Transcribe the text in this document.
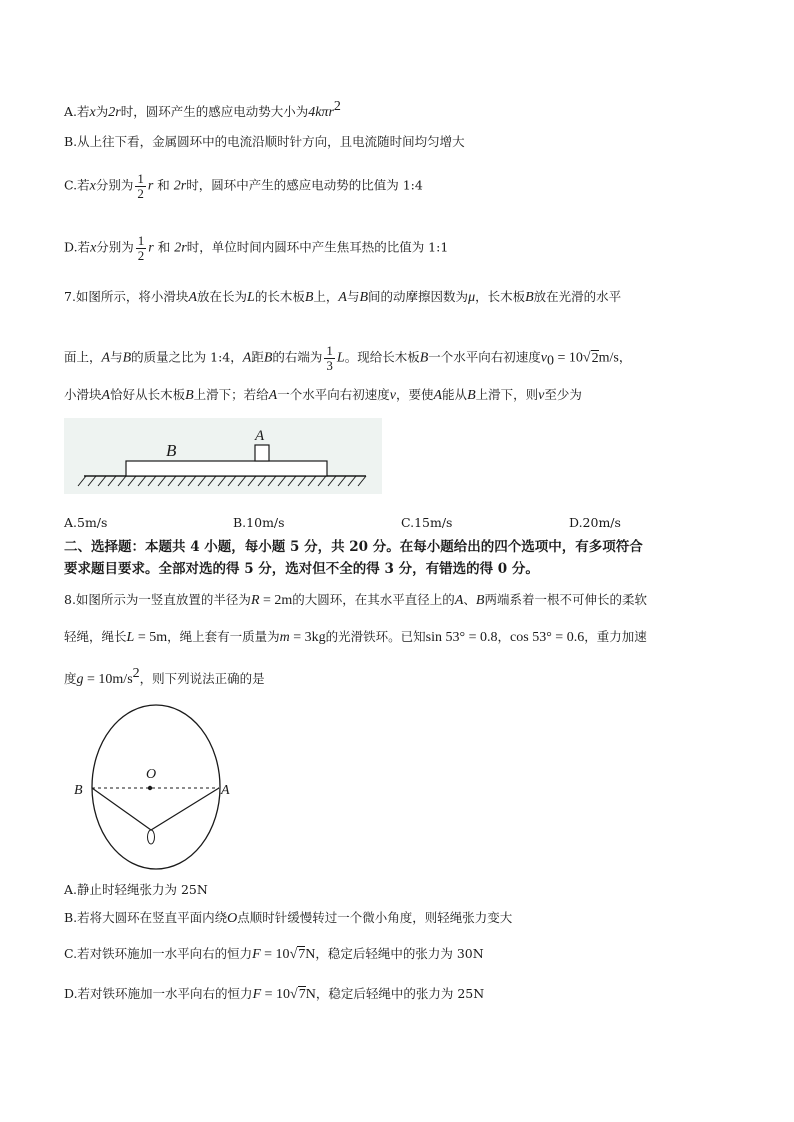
A.若x为2r时，圆环产生的感应电动势大小为4kπr$^2$
B.从上往下看，金属圆环中的电流沿顺时针方向，且电流随时间均匀增大
C.若x分别为 $\frac{1}{2}$ r 和 2r时，圆环中产生的感应电动势的比值为 1:4
D.若x分别为 $\frac{1}{2}$ r 和 2r时，单位时间内圆环中产生焦耳热的比值为 1:1
7.如图所示，将小滑块A放在长为L的长木板B上，A与B间的动摩擦因数为μ，长木板B放在光滑的水平
面上，A与B的质量之比为 1:4，A距B的右端为 $\frac{1}{3}$ L。现给长木板B一个水平向右初速度$v_0 = 10√2m/s$，
小滑块A恰好从长木板B上滑下；若给A一个水平向右初速度v，要使A能从B上滑下，则v至少为
B
A
A.5m/s	B.10m/s	C.15m/s	D.20m/s
二、选择题：本题共 4 小题，每小题 5 分，共 20 分。在每小题给出的四个选项中，有多项符合
要求题目要求。全部对选的得 5 分，选对但不全的得 3 分，有错选的得 0 分。
8.如图所示为一竖直放置的半径为R = 2m的大圆环，在其水平直径上的A、B两端系着一根不可伸长的柔软
轻绳，绳长L = 5m，绳上套有一质量为m = 3kg的光滑铁环。已知sin 53° = 0.8，cos 53° = 0.6，重力加速
度$g = 10m/s^2$，则下列说法正确的是
O
B	A
A.静止时轻绳张力为 25N
B.若将大圆环在竖直平面内绕O点顺时针缓慢转过一个微小角度，则轻绳张力变大
C.若对铁环施加一水平向右的恒力F = 10√7N，稳定后轻绳中的张力为 30N
D.若对铁环施加一水平向右的恒力F = 10√7N，稳定后轻绳中的张力为 25N
